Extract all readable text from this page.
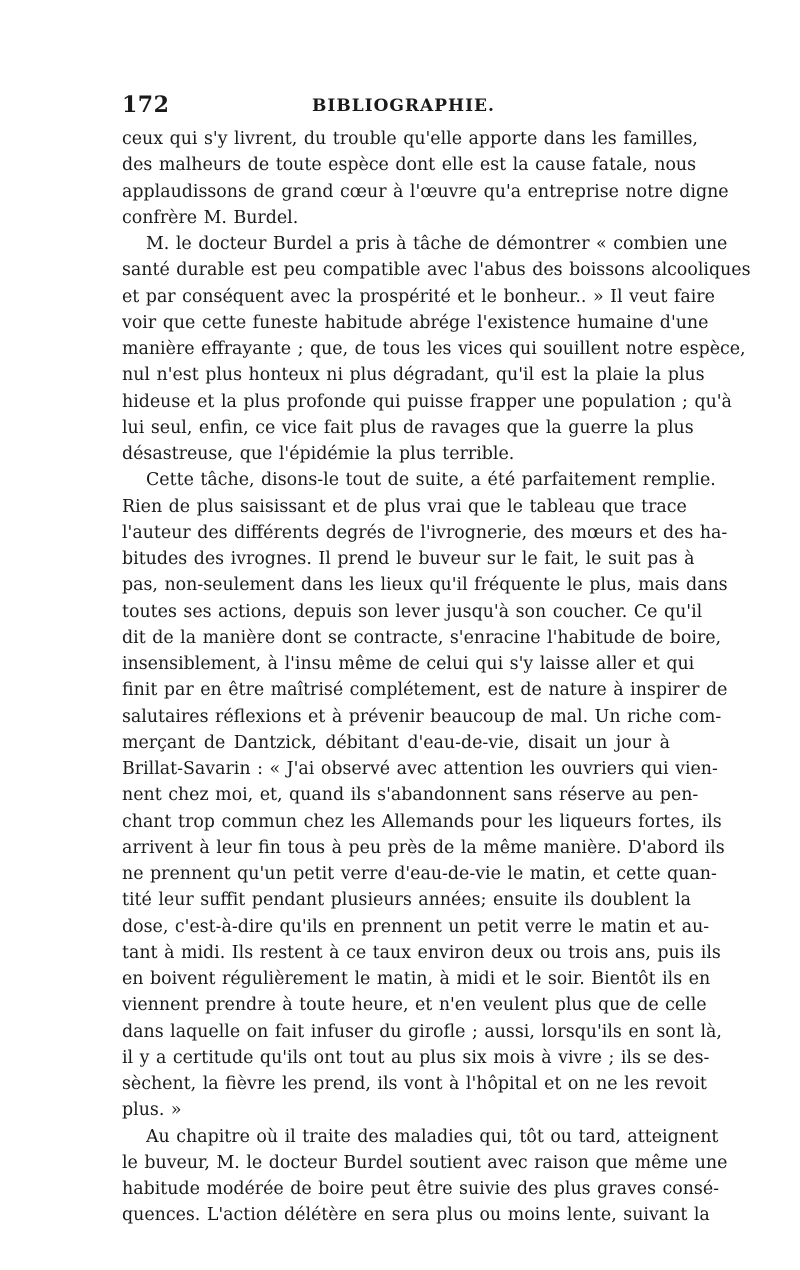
172	BIBLIOGRAPHIE.
ceux qui s'y livrent, du trouble qu'elle apporte dans les familles,
des malheurs de toute espèce dont elle est la cause fatale, nous
applaudissons de grand cœur à l'œuvre qu'a entreprise notre digne
confrère M. Burdel.
M. le docteur Burdel a pris à tâche de démontrer « combien une
santé durable est peu compatible avec l'abus des boissons alcooliques
et par conséquent avec la prospérité et le bonheur.. » Il veut faire
voir que cette funeste habitude abrége l'existence humaine d'une
manière effrayante ; que, de tous les vices qui souillent notre espèce,
nul n'est plus honteux ni plus dégradant, qu'il est la plaie la plus
hideuse et la plus profonde qui puisse frapper une population ; qu'à
lui seul, enfin, ce vice fait plus de ravages que la guerre la plus
désastreuse, que l'épidémie la plus terrible.
Cette tâche, disons-le tout de suite, a été parfaitement remplie.
Rien de plus saisissant et de plus vrai que le tableau que trace
l'auteur des différents degrés de l'ivrognerie, des mœurs et des ha-
bitudes des ivrognes. Il prend le buveur sur le fait, le suit pas à
pas, non-seulement dans les lieux qu'il fréquente le plus, mais dans
toutes ses actions, depuis son lever jusqu'à son coucher. Ce qu'il
dit de la manière dont se contracte, s'enracine l'habitude de boire,
insensiblement, à l'insu même de celui qui s'y laisse aller et qui
finit par en être maîtrisé complétement, est de nature à inspirer de
salutaires réflexions et à prévenir beaucoup de mal. Un riche com-
merçant de Dantzick, débitant d'eau-de-vie, disait un jour à
Brillat-Savarin : « J'ai observé avec attention les ouvriers qui vien-
nent chez moi, et, quand ils s'abandonnent sans réserve au pen-
chant trop commun chez les Allemands pour les liqueurs fortes, ils
arrivent à leur fin tous à peu près de la même manière. D'abord ils
ne prennent qu'un petit verre d'eau-de-vie le matin, et cette quan-
tité leur suffit pendant plusieurs années; ensuite ils doublent la
dose, c'est-à-dire qu'ils en prennent un petit verre le matin et au-
tant à midi. Ils restent à ce taux environ deux ou trois ans, puis ils
en boivent régulièrement le matin, à midi et le soir. Bientôt ils en
viennent prendre à toute heure, et n'en veulent plus que de celle
dans laquelle on fait infuser du girofle ; aussi, lorsqu'ils en sont là,
il y a certitude qu'ils ont tout au plus six mois à vivre ; ils se des-
sèchent, la fièvre les prend, ils vont à l'hôpital et on ne les revoit
plus. »
Au chapitre où il traite des maladies qui, tôt ou tard, atteignent
le buveur, M. le docteur Burdel soutient avec raison que même une
habitude modérée de boire peut être suivie des plus graves consé-
quences. L'action délétère en sera plus ou moins lente, suivant la
